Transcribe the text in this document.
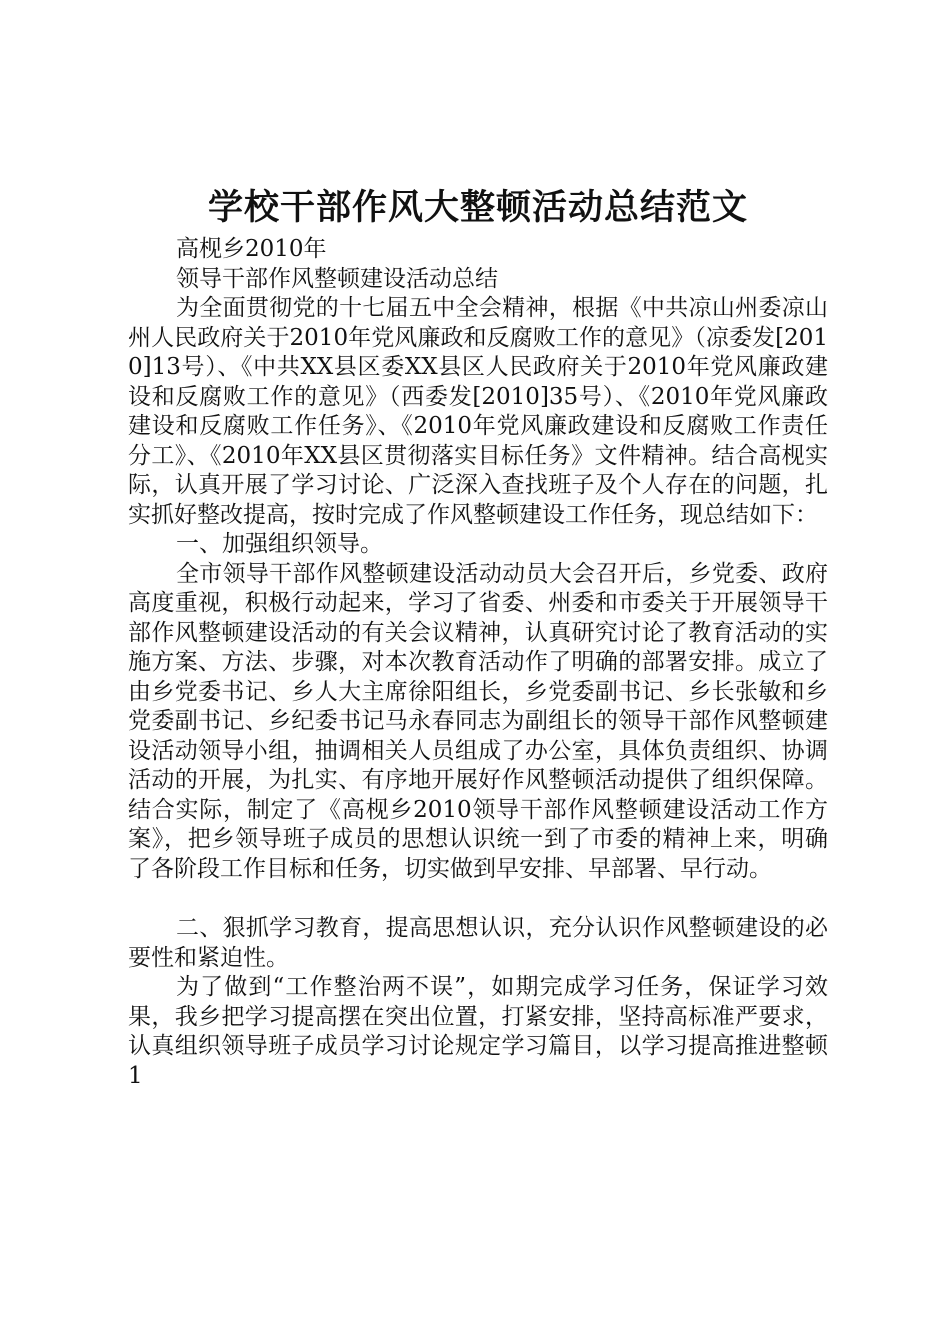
学校干部作风大整顿活动总结范文

高枧乡2010年

领导干部作风整顿建设活动总结

为全面贯彻党的十七届五中全会精神，根据《中共凉山州委凉山州人民政府关于2010年党风廉政和反腐败工作的意见》（凉委发[2010]13号）、《中共XX县区委XX县区人民政府关于2010年党风廉政建设和反腐败工作的意见》（西委发[2010]35号）、《2010年党风廉政建设和反腐败工作任务》、《2010年党风廉政建设和反腐败工作责任分工》、《2010年XX县区贯彻落实目标任务》文件精神。结合高枧实际，认真开展了学习讨论、广泛深入查找班子及个人存在的问题，扎实抓好整改提高，按时完成了作风整顿建设工作任务，现总结如下：

一、加强组织领导。

全市领导干部作风整顿建设活动动员大会召开后，乡党委、政府高度重视，积极行动起来，学习了省委、州委和市委关于开展领导干部作风整顿建设活动的有关会议精神，认真研究讨论了教育活动的实施方案、方法、步骤，对本次教育活动作了明确的部署安排。成立了由乡党委书记、乡人大主席徐阳组长，乡党委副书记、乡长张敏和乡党委副书记、乡纪委书记马永春同志为副组长的领导干部作风整顿建设活动领导小组，抽调相关人员组成了办公室，具体负责组织、协调活动的开展，为扎实、有序地开展好作风整顿活动提供了组织保障。结合实际，制定了《高枧乡2010领导干部作风整顿建设活动工作方案》，把乡领导班子成员的思想认识统一到了市委的精神上来，明确了各阶段工作目标和任务，切实做到早安排、早部署、早行动。

二、狠抓学习教育，提高思想认识，充分认识作风整顿建设的必要性和紧迫性。

为了做到“工作整治两不误”，如期完成学习任务，保证学习效果，我乡把学习提高摆在突出位置，打紧安排，坚持高标准严要求，认真组织领导班子成员学习讨论规定学习篇目，以学习提高推进整顿1
